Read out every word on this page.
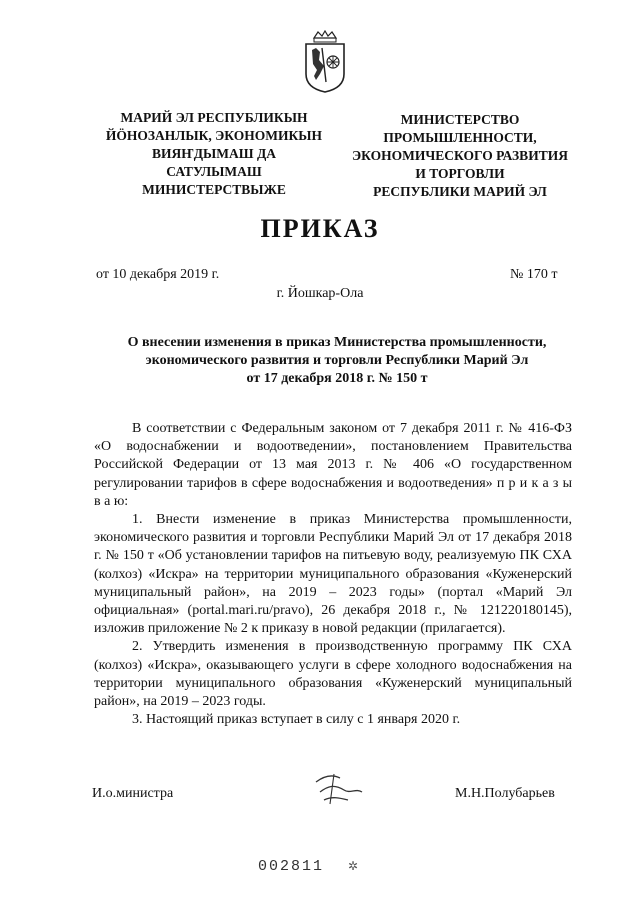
МАРИЙ ЭЛ РЕСПУБЛИКЫН
ЙÖНОЗАНЛЫК, ЭКОНОМИКЫН
ВИЯҤДЫМАШ ДА
САТУЛЫМАШ
МИНИСТЕРСТВЫЖЕ
МИНИСТЕРСТВО
ПРОМЫШЛЕННОСТИ,
ЭКОНОМИЧЕСКОГО РАЗВИТИЯ
И ТОРГОВЛИ
РЕСПУБЛИКИ МАРИЙ ЭЛ
ПРИКАЗ
от 10 декабря 2019 г.	№ 170 т
г. Йошкар-Ола
О внесении изменения в приказ Министерства промышленности,
экономического развития и торговли Республики Марий Эл
от 17 декабря 2018 г. № 150 т

В соответствии с Федеральным законом от 7 декабря 2011 г. № 416-ФЗ «О водоснабжении и водоотведении», постановлением Правительства Российской Федерации от 13 мая 2013 г. № 406 «О государственном регулировании тарифов в сфере водоснабжения и водоотведения» п р и к а з ы в а ю:

1. Внести изменение в приказ Министерства промышленности, экономического развития и торговли Республики Марий Эл от 17 декабря 2018 г. № 150 т «Об установлении тарифов на питьевую воду, реализуемую ПК СХА (колхоз) «Искра» на территории муниципального образования «Куженерский муниципальный район», на 2019 – 2023 годы» (портал «Марий Эл официальная» (portal.mari.ru/pravo), 26 декабря 2018 г., № 121220180145), изложив приложение № 2 к приказу в новой редакции (прилагается).

2. Утвердить изменения в производственную программу ПК СХА (колхоз) «Искра», оказывающего услуги в сфере холодного водоснабжения на территории муниципального образования «Куженерский муниципальный район», на 2019 – 2023 годы.

3. Настоящий приказ вступает в силу с 1 января 2020 г.

И.о.министра	М.Н.Полубарьев
002811 ✲
